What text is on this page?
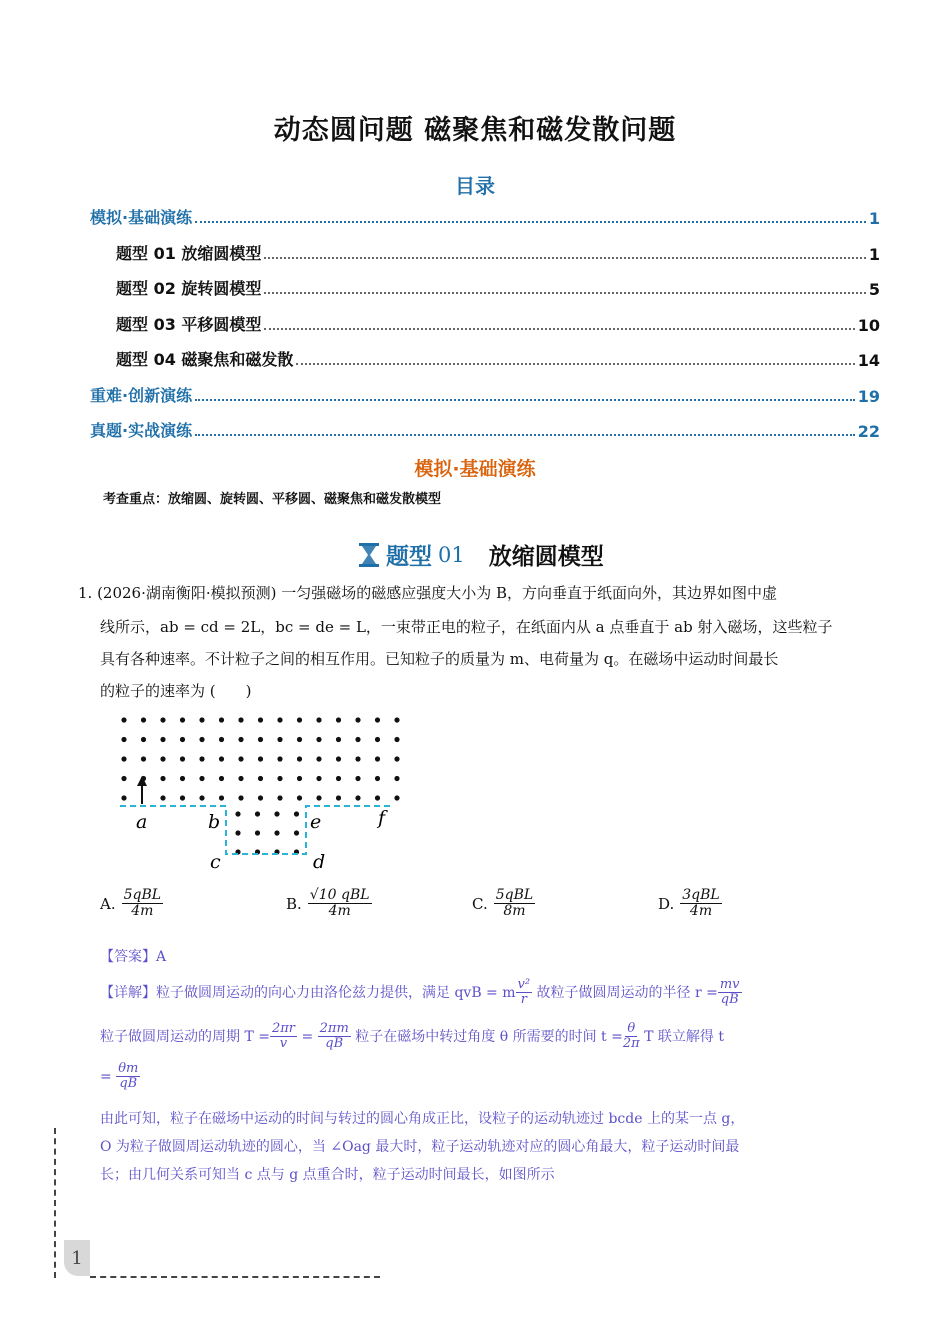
动态圆问题 磁聚焦和磁发散问题
目录
模拟·基础演练	1
题型 01 放缩圆模型	1
题型 02 旋转圆模型	5
题型 03 平移圆模型	10
题型 04 磁聚焦和磁发散	14
重难·创新演练	19
真题·实战演练	22
模拟·基础演练
考查重点：放缩圆、旋转圆、平移圆、磁聚焦和磁发散模型
题型 01 放缩圆模型
1. (2026·湖南衡阳·模拟预测) 一匀强磁场的磁感应强度大小为 B，方向垂直于纸面向外，其边界如图中虚
线所示，ab = cd = 2L，bc = de = L，一束带正电的粒子，在纸面内从 a 点垂直于 ab 射入磁场，这些粒子
具有各种速率。不计粒子之间的相互作用。已知粒子的质量为 m、电荷量为 q。在磁场中运动时间最长
的粒子的速率为 (　　)
a	b	e	f
c	d
A. $\frac{\text{5qBL}}{4m}$	B. $\frac{\text{√10 qBL}}{4m}$	C. $\frac{\text{5qBL}}{8m}$	D. $\frac{\text{3qBL}}{4m}$
【答案】A
【详解】粒子做圆周运动的向心力由洛伦兹力提供，满足 qvB = m $\frac{\text{v²}}{r}$ 故粒子做圆周运动的半径 $r = \frac{mv}{qB}$
粒子做圆周运动的周期 $T = \frac{2\pi r}{v} = \frac{2\pi m}{qB}$ 粒子在磁场中转过角度 θ 所需要的时间 $t = \frac{\theta}{2\pi}$ T 联立解得 t
= $\frac{\theta m}{qB}$
由此可知，粒子在磁场中运动的时间与转过的圆心角成正比，设粒子的运动轨迹过 bcde 上的某一点 g，
O 为粒子做圆周运动轨迹的圆心，当 ∠Oag 最大时，粒子运动轨迹对应的圆心角最大，粒子运动时间最
长；由几何关系可知当 c 点与 g 点重合时，粒子运动时间最长，如图所示
1
